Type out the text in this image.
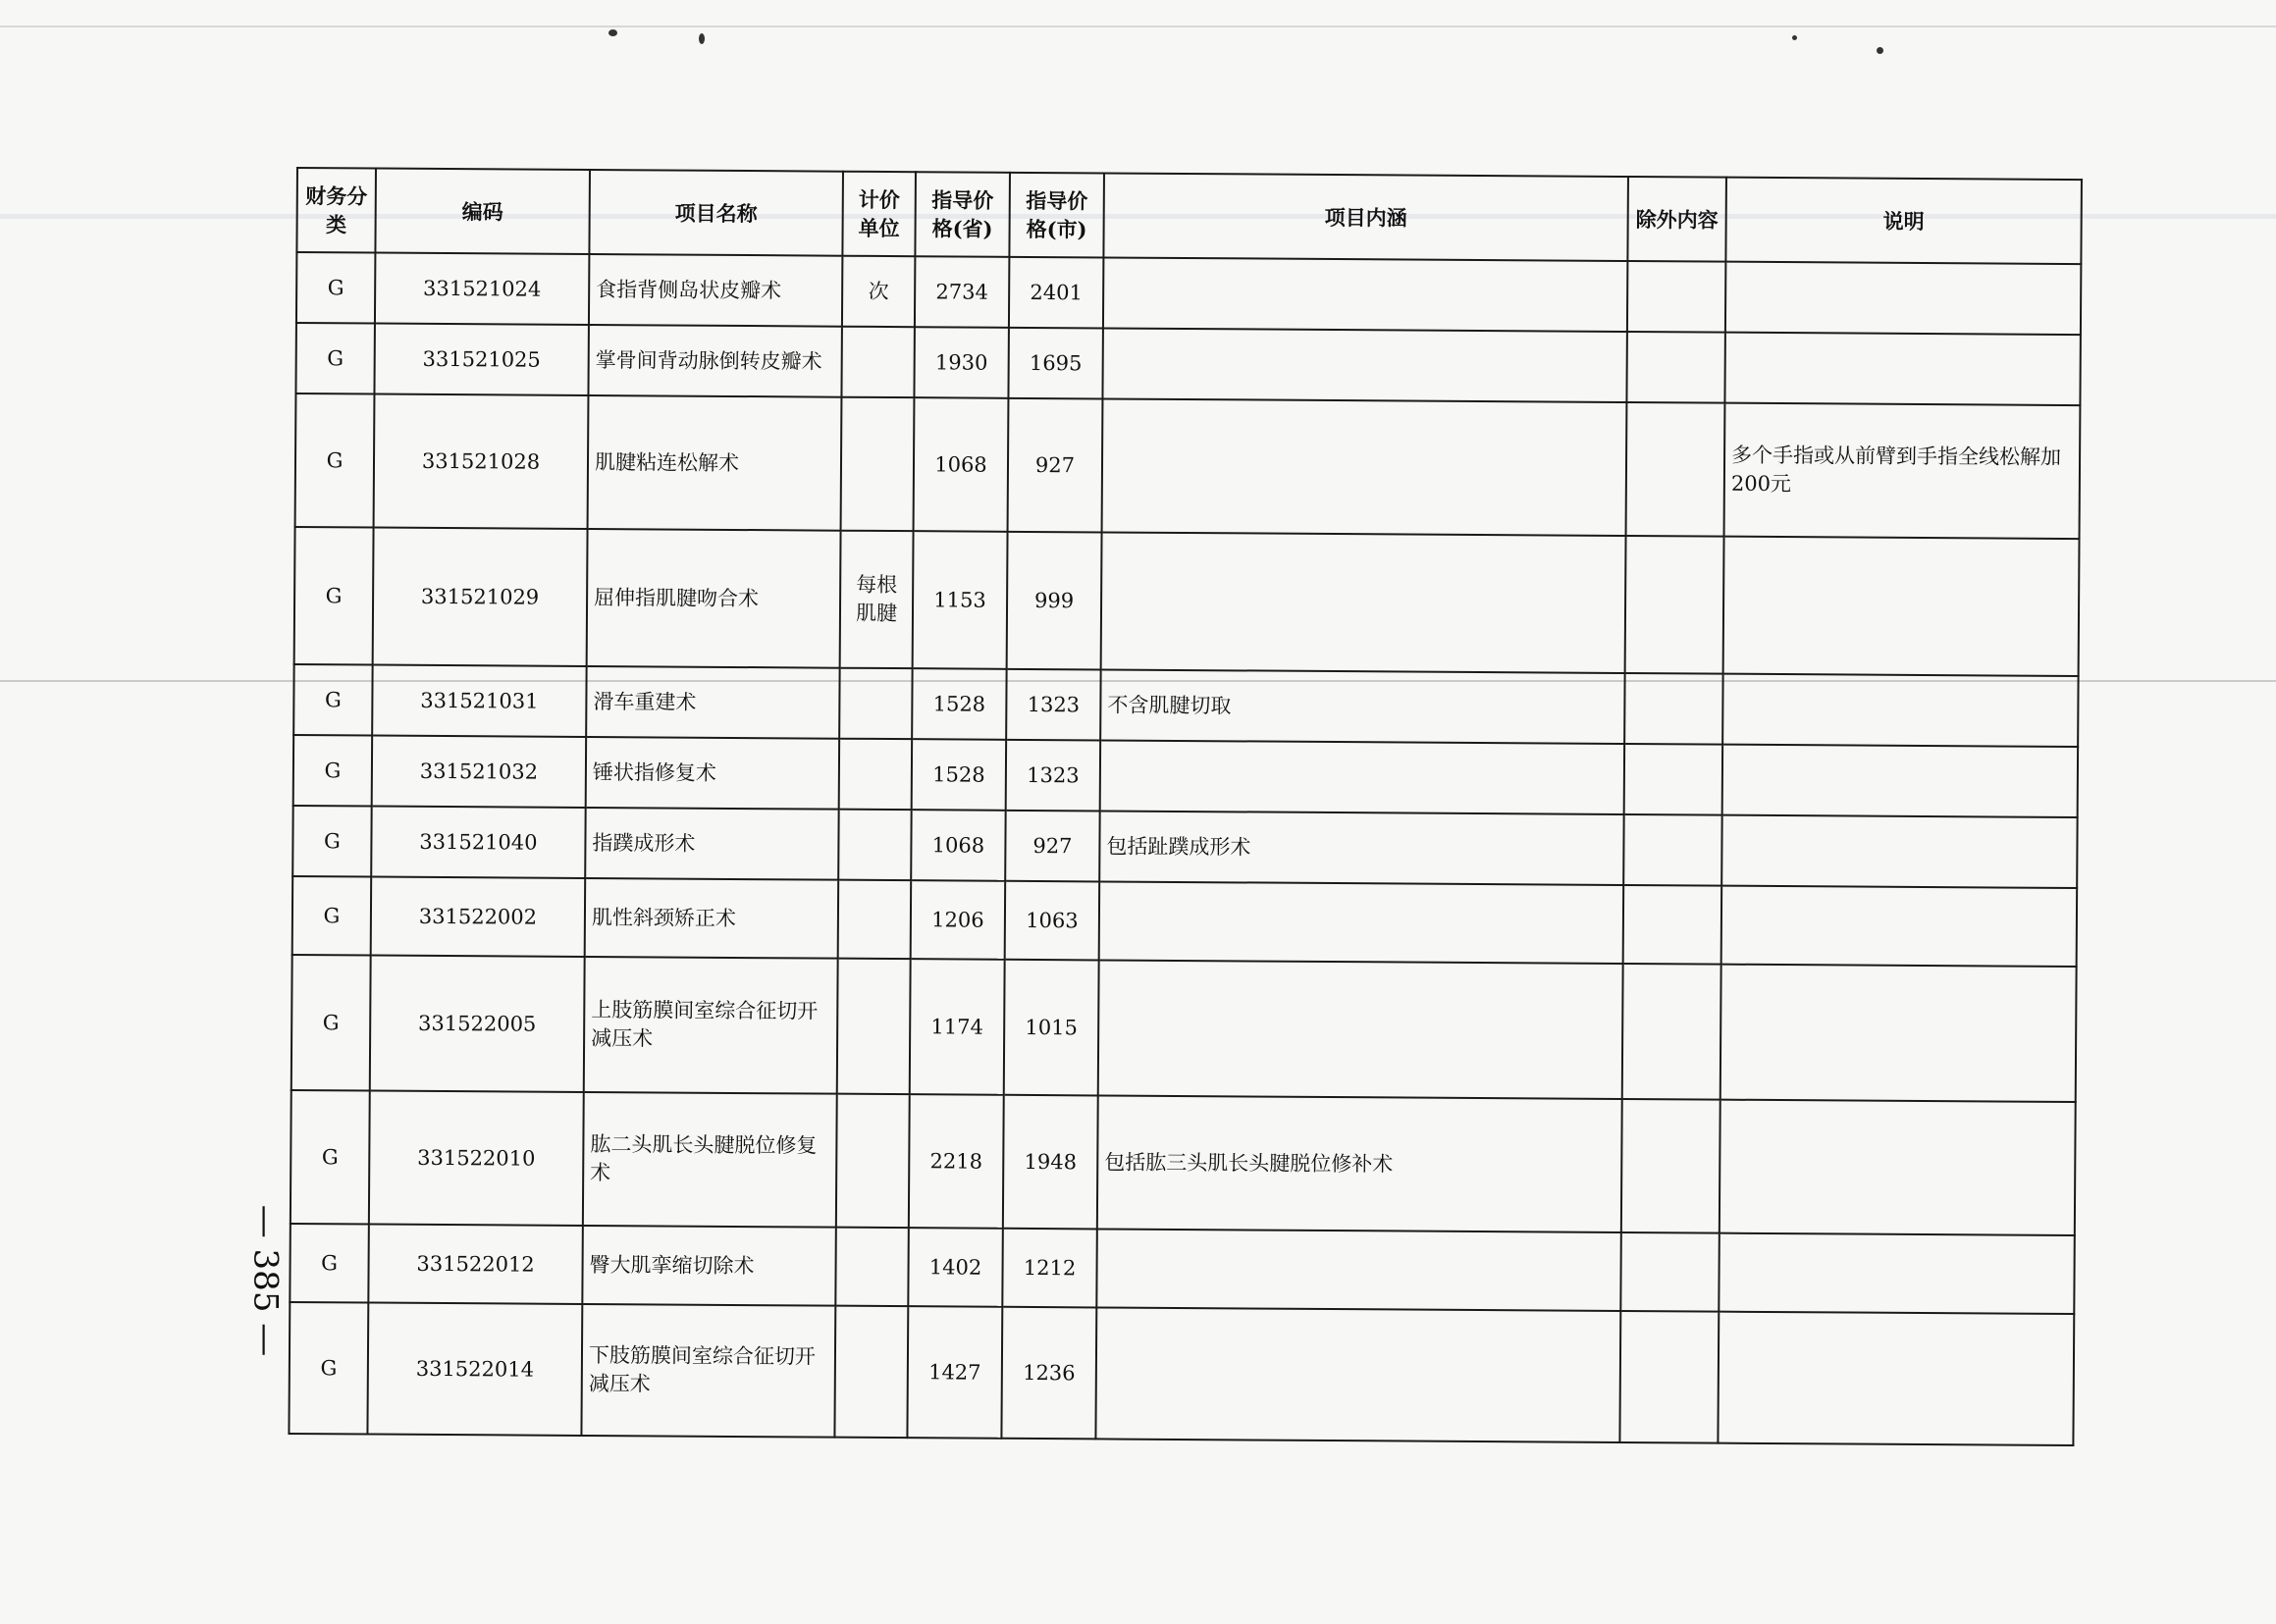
财务分类	编码	项目名称	计价单位	指导价格(省)	指导价格(市)	项目内涵	除外内容	说明
G	331521024	食指背侧岛状皮瓣术	次	2734	2401			
G	331521025	掌骨间背动脉倒转皮瓣术		1930	1695			
G	331521028	肌腱粘连松解术		1068	927			多个手指或从前臂到手指全线松解加200元
G	331521029	屈伸指肌腱吻合术	每根肌腱	1153	999			
G	331521031	滑车重建术		1528	1323	不含肌腱切取		
G	331521032	锤状指修复术		1528	1323			
G	331521040	指蹼成形术		1068	927	包括趾蹼成形术		
G	331522002	肌性斜颈矫正术		1206	1063			
G	331522005	上肢筋膜间室综合征切开减压术		1174	1015			
G	331522010	肱二头肌长头腱脱位修复术		2218	1948	包括肱三头肌长头腱脱位修补术		
G	331522012	臀大肌挛缩切除术		1402	1212			
G	331522014	下肢筋膜间室综合征切开减压术		1427	1236			
— 385 —
